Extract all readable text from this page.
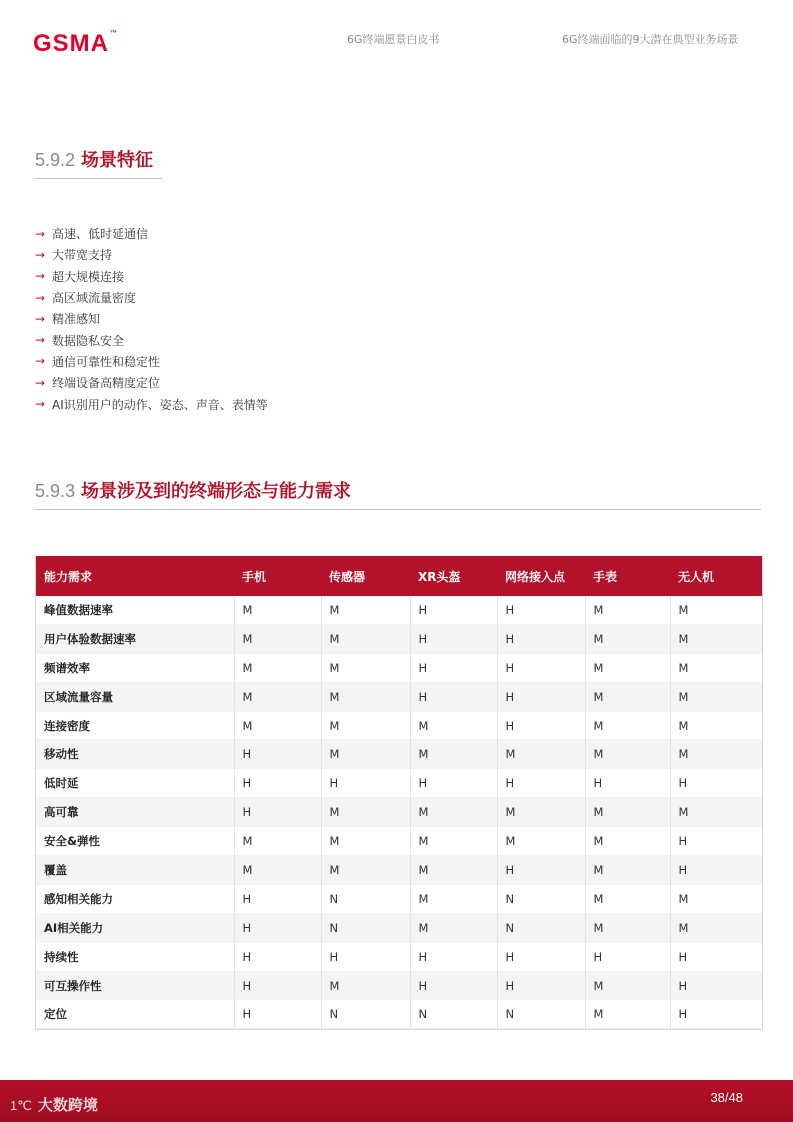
GSMA™	6G终端愿景白皮书	6G终端面临的9大潜在典型业务场景
5.9.2 场景特征
→ 高速、低时延通信
→ 大带宽支持
→ 超大规模连接
→ 高区域流量密度
→ 精准感知
→ 数据隐私安全
→ 通信可靠性和稳定性
→ 终端设备高精度定位
→ AI识别用户的动作、姿态、声音、表情等
5.9.3 场景涉及到的终端形态与能力需求
能力需求	手机	传感器	XR头盔	网络接入点	手表	无人机
峰值数据速率	M	M	H	H	M	M
用户体验数据速率	M	M	H	H	M	M
频谱效率	M	M	H	H	M	M
区域流量容量	M	M	H	H	M	M
连接密度	M	M	M	H	M	M
移动性	H	M	M	M	M	M
低时延	H	H	H	H	H	H
高可靠	H	M	M	M	M	M
安全&弹性	M	M	M	M	M	H
覆盖	M	M	M	H	M	H
感知相关能力	H	N	M	N	M	M
AI相关能力	H	N	M	N	M	M
持续性	H	H	H	H	H	H
可互操作性	H	M	H	H	M	H
定位	H	N	N	N	M	H
1℃ 大数跨境	38/48
